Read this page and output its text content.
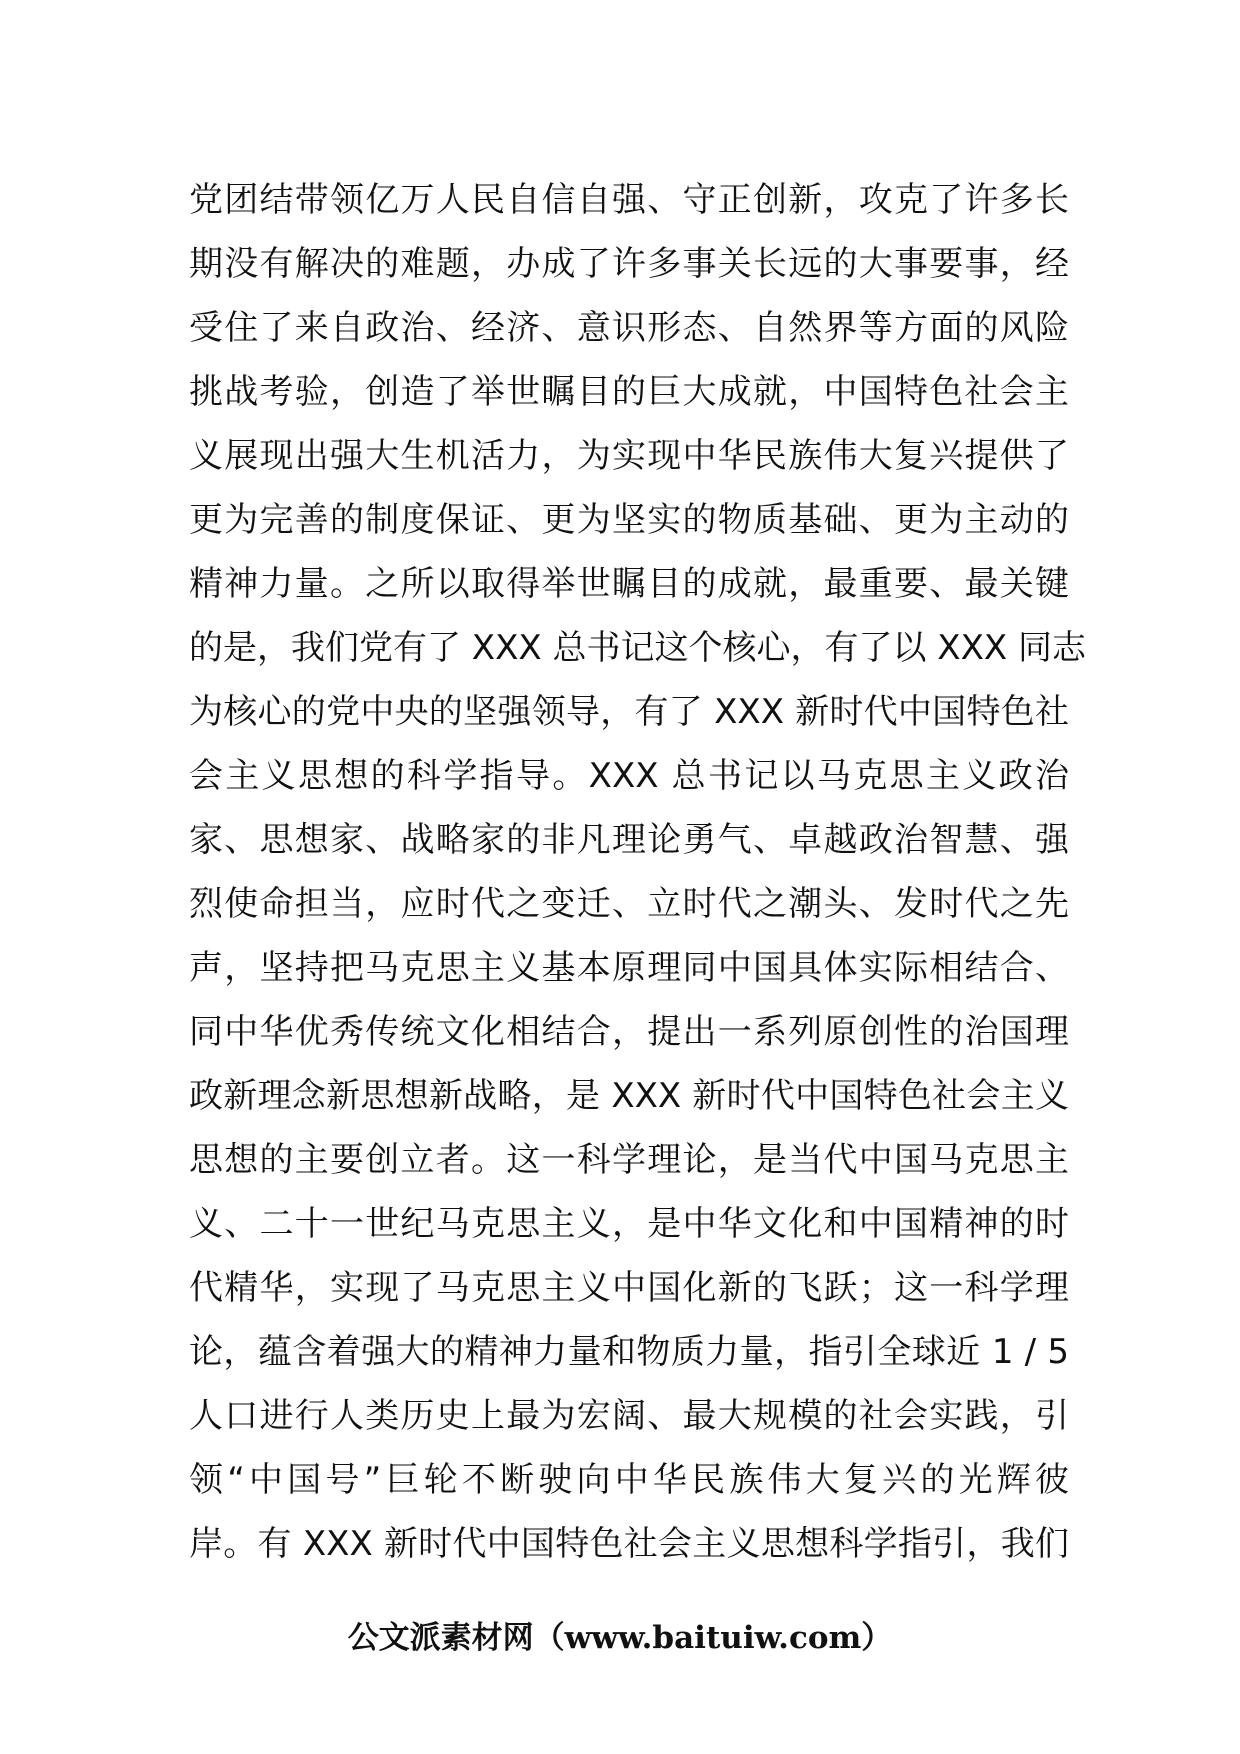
党团结带领亿万人民自信自强、守正创新，攻克了许多长
期没有解决的难题，办成了许多事关长远的大事要事，经
受住了来自政治、经济、意识形态、自然界等方面的风险
挑战考验，创造了举世瞩目的巨大成就，中国特色社会主
义展现出强大生机活力，为实现中华民族伟大复兴提供了
更为完善的制度保证、更为坚实的物质基础、更为主动的
精神力量。之所以取得举世瞩目的成就，最重要、最关键
的是，我们党有了 XXX 总书记这个核心，有了以 XXX 同志
为核心的党中央的坚强领导，有了 XXX 新时代中国特色社
会主义思想的科学指导。XXX 总书记以马克思主义政治
家、思想家、战略家的非凡理论勇气、卓越政治智慧、强
烈使命担当，应时代之变迁、立时代之潮头、发时代之先
声，坚持把马克思主义基本原理同中国具体实际相结合、
同中华优秀传统文化相结合，提出一系列原创性的治国理
政新理念新思想新战略，是 XXX 新时代中国特色社会主义
思想的主要创立者。这一科学理论，是当代中国马克思主
义、二十一世纪马克思主义，是中华文化和中国精神的时
代精华，实现了马克思主义中国化新的飞跃；这一科学理
论，蕴含着强大的精神力量和物质力量，指引全球近 1 / 5
人口进行人类历史上最为宏阔、最大规模的社会实践，引
领“中国号”巨轮不断驶向中华民族伟大复兴的光辉彼
岸。有 XXX 新时代中国特色社会主义思想科学指引，我们
公文派素材网（www.baituiw.com）
